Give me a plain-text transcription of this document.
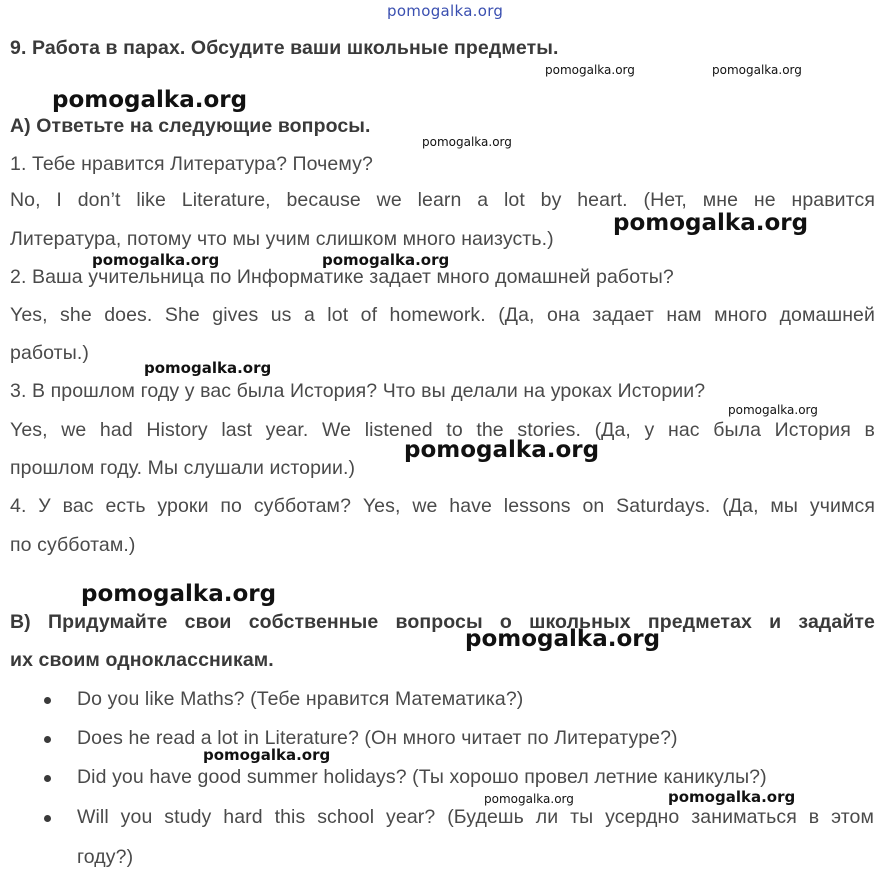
pomogalka.org
9. Работа в парах. Обсудите ваши школьные предметы.
А) Ответьте на следующие вопросы.
1. Тебе нравится Литература? Почему?
No, I don’t like Literature, because we learn a lot by heart. (Нет, мне не нравится
Литература, потому что мы учим слишком много наизусть.)
2. Ваша учительница по Информатике задает много домашней работы?
Yes, she does. She gives us a lot of homework. (Да, она задает нам много домашней
работы.)
3. В прошлом году у вас была История? Что вы делали на уроках Истории?
Yes, we had History last year. We listened to the stories. (Да, у нас была История в
прошлом году. Мы слушали истории.)
4. У вас есть уроки по субботам? Yes, we have lessons on Saturdays. (Да, мы учимся
по субботам.)
В) Придумайте свои собственные вопросы о школьных предметах и задайте
их своим одноклассникам.
Do you like Maths? (Тебе нравится Математика?)
Does he read a lot in Literature? (Он много читает по Литературе?)
Did you have good summer holidays? (Ты хорошо провел летние каникулы?)
Will you study hard this school year? (Будешь ли ты усердно заниматься в этом
году?)
pomogalka.org	pomogalka.org
pomogalka.org
pomogalka.org
pomogalka.org
pomogalka.org	pomogalka.org
pomogalka.org
pomogalka.org
pomogalka.org
pomogalka.org
pomogalka.org
pomogalka.org
pomogalka.org	pomogalka.org
